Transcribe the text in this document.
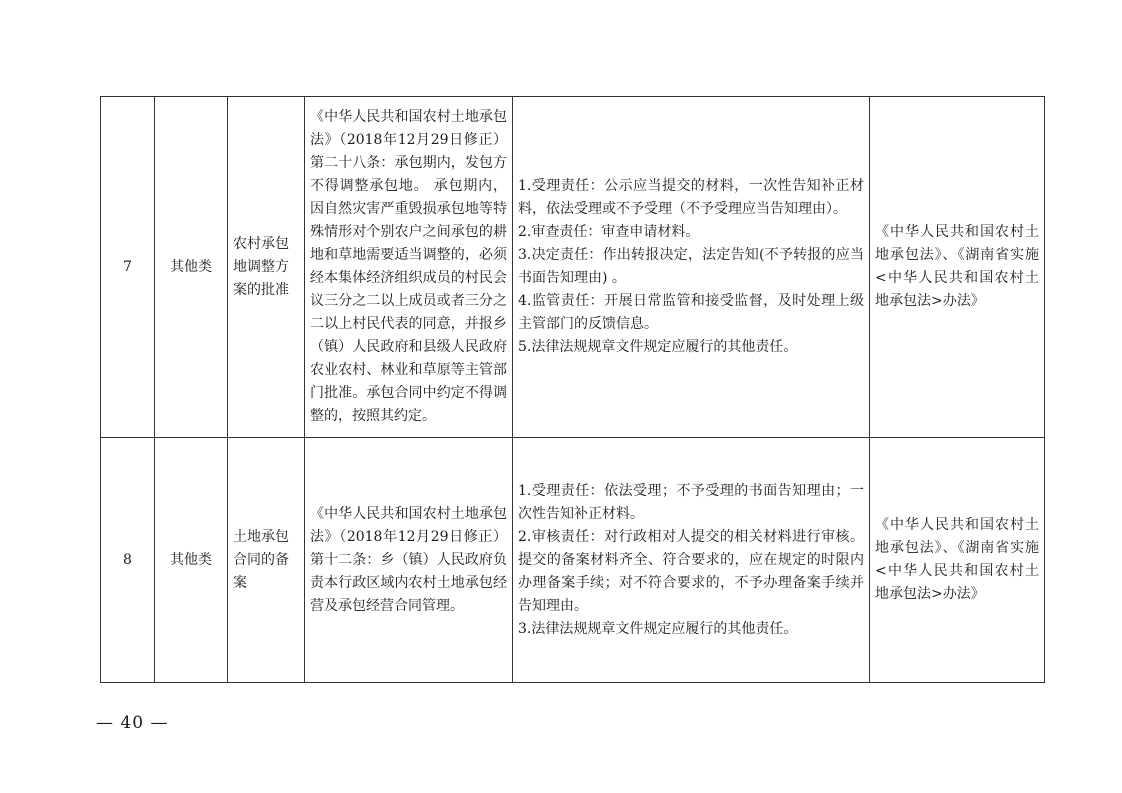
7	其他类	农村承包地调整方案的批准	《中华人民共和国农村土地承包法》（2018年12月29日修正）第二十八条：承包期内，发包方不得调整承包地。 承包期内，因自然灾害严重毁损承包地等特殊情形对个别农户之间承包的耕地和草地需要适当调整的，必须经本集体经济组织成员的村民会议三分之二以上成员或者三分之二以上村民代表的同意，并报乡（镇）人民政府和县级人民政府农业农村、林业和草原等主管部门批准。承包合同中约定不得调整的，按照其约定。	1.受理责任：公示应当提交的材料，一次性告知补正材料，依法受理或不予受理（不予受理应当告知理由）。
2.审查责任：审查申请材料。
3.决定责任：作出转报决定，法定告知(不予转报的应当书面告知理由) 。
4.监管责任：开展日常监管和接受监督，及时处理上级主管部门的反馈信息。
5.法律法规规章文件规定应履行的其他责任。	《中华人民共和国农村土地承包法》、《湖南省实施<中华人民共和国农村土地承包法>办法》
8	其他类	土地承包合同的备案	《中华人民共和国农村土地承包法》（2018年12月29日修正）第十二条：乡（镇）人民政府负责本行政区域内农村土地承包经营及承包经营合同管理。	1.受理责任：依法受理；不予受理的书面告知理由；一次性告知补正材料。
2.审核责任：对行政相对人提交的相关材料进行审核。提交的备案材料齐全、符合要求的，应在规定的时限内办理备案手续；对不符合要求的，不予办理备案手续并告知理由。
3.法律法规规章文件规定应履行的其他责任。	《中华人民共和国农村土地承包法》、《湖南省实施<中华人民共和国农村土地承包法>办法》
— 40 —
